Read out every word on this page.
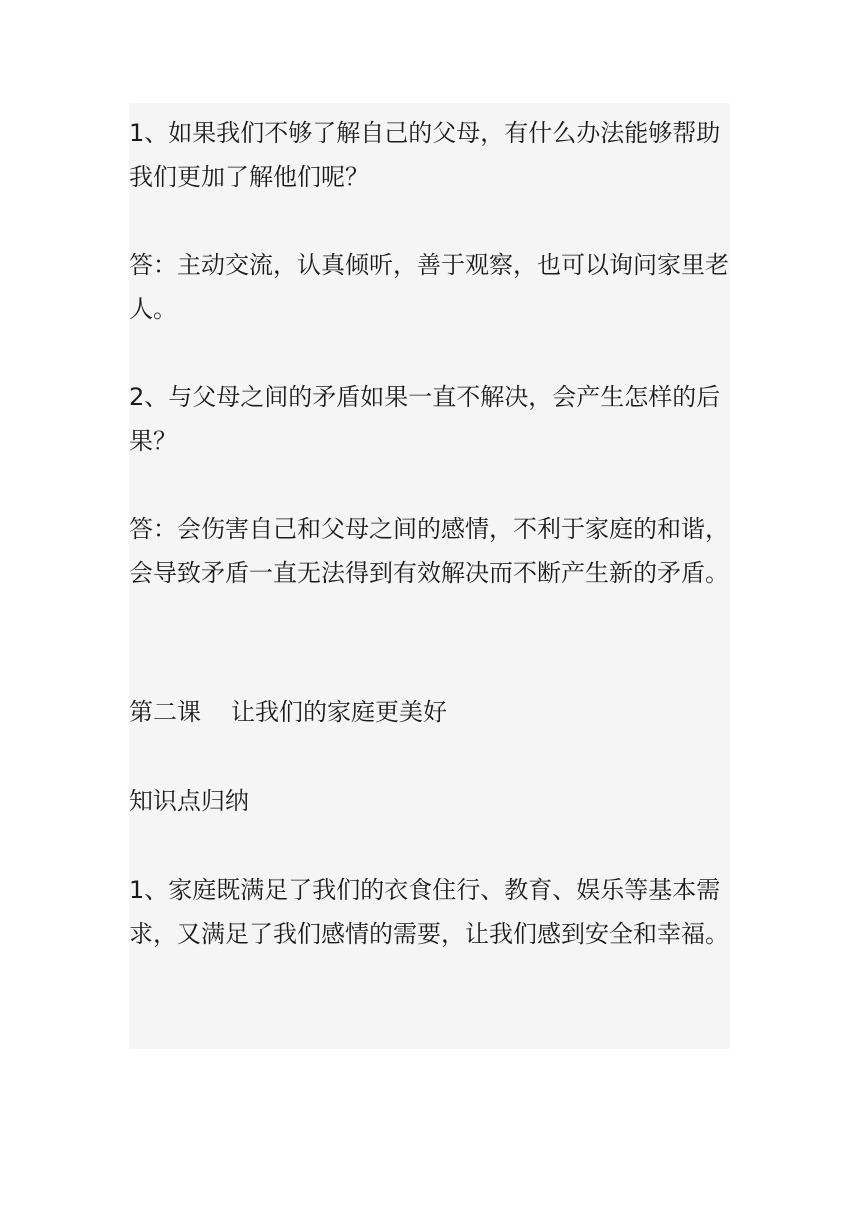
1、如果我们不够了解自己的父母，有什么办法能够帮助我们更加了解他们呢？

答：主动交流，认真倾听，善于观察，也可以询问家里老人。

2、与父母之间的矛盾如果一直不解决，会产生怎样的后果？

答：会伤害自己和父母之间的感情，不利于家庭的和谐，会导致矛盾一直无法得到有效解决而不断产生新的矛盾。

第二课 让我们的家庭更美好

知识点归纳

1、家庭既满足了我们的衣食住行、教育、娱乐等基本需求，又满足了我们感情的需要，让我们感到安全和幸福。
